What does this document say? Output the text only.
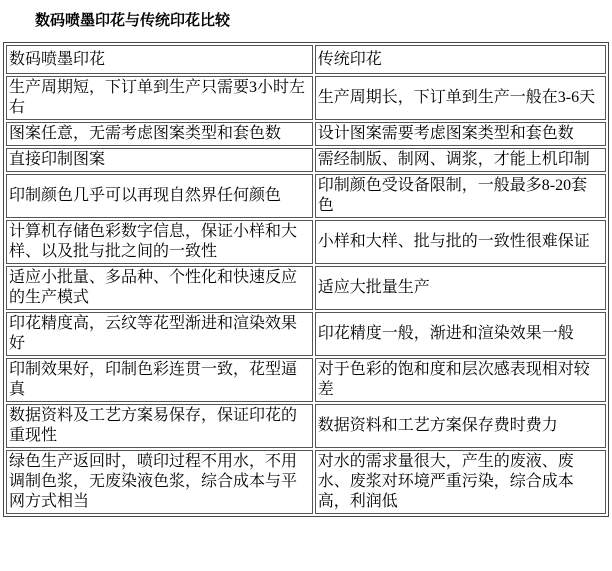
数码喷墨印花与传统印花比较
数码喷墨印花	传统印花
生产周期短，下订单到生产只需要3小时左右	生产周期长，下订单到生产一般在3-6天
图案任意，无需考虑图案类型和套色数	设计图案需要考虑图案类型和套色数
直接印制图案	需经制版、制网、调浆，才能上机印制
印制颜色几乎可以再现自然界任何颜色	印制颜色受设备限制，一般最多8-20套色
计算机存储色彩数字信息，保证小样和大样、以及批与批之间的一致性	小样和大样、批与批的一致性很难保证
适应小批量、多品种、个性化和快速反应的生产模式	适应大批量生产
印花精度高，云纹等花型渐进和渲染效果好	印花精度一般，渐进和渲染效果一般
印制效果好，印制色彩连贯一致，花型逼真	对于色彩的饱和度和层次感表现相对较差
数据资料及工艺方案易保存，保证印花的重现性	数据资料和工艺方案保存费时费力
绿色生产返回时，喷印过程不用水，不用调制色浆，无废染液色浆，综合成本与平网方式相当	对水的需求量很大，产生的废液、废水、废浆对环境严重污染，综合成本高，利润低
